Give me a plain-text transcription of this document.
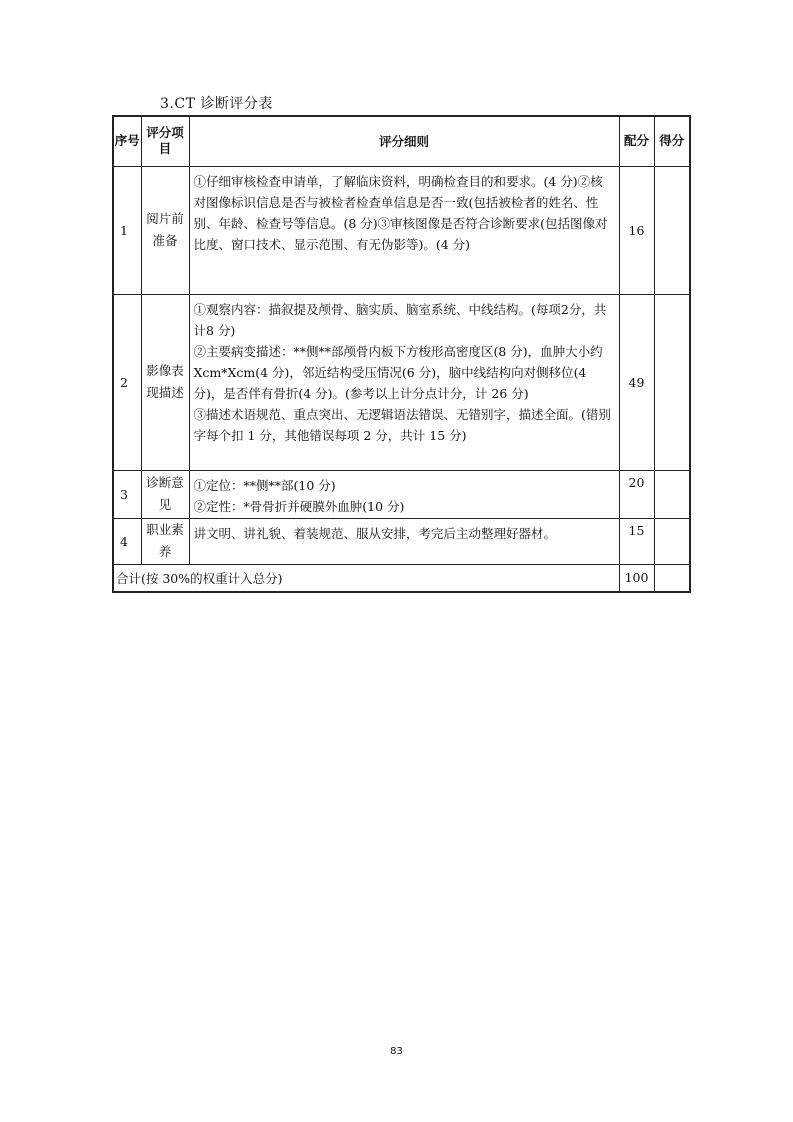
3.CT 诊断评分表
序号	评分项目	评分细则	配分	得分
1	阅片前准备	①仔细审核检查申请单，了解临床资料，明确检查目的和要求。(4 分)②核对图像标识信息是否与被检者检查单信息是否一致(包括被检者的姓名、性别、年龄、检查号等信息。(8 分)③审核图像是否符合诊断要求(包括图像对比度、窗口技术、显示范围、有无伪影等)。(4 分)	16	
2	影像表现描述	①观察内容：描叙提及颅骨、脑实质、脑室系统、中线结构。(每项2分，共计8 分)
②主要病变描述：**侧**部颅骨内板下方梭形高密度区(8 分)，血肿大小约 Xcm*Xcm(4 分)，邻近结构受压情况(6 分)，脑中线结构向对侧移位(4 分)，是否伴有骨折(4 分)。(参考以上计分点计分，计 26 分)
③描述术语规范、重点突出、无逻辑语法错误、无错别字，描述全面。(错别字每个扣 1 分，其他错误每项 2 分，共计 15 分)	49	
3	诊断意见	①定位：**侧**部(10 分)
②定性：*骨骨折并硬膜外血肿(10 分)	20	
4	职业素养	讲文明、讲礼貌、着装规范、服从安排，考完后主动整理好器材。	15	
合计(按 30%的权重计入总分)			100	
83
